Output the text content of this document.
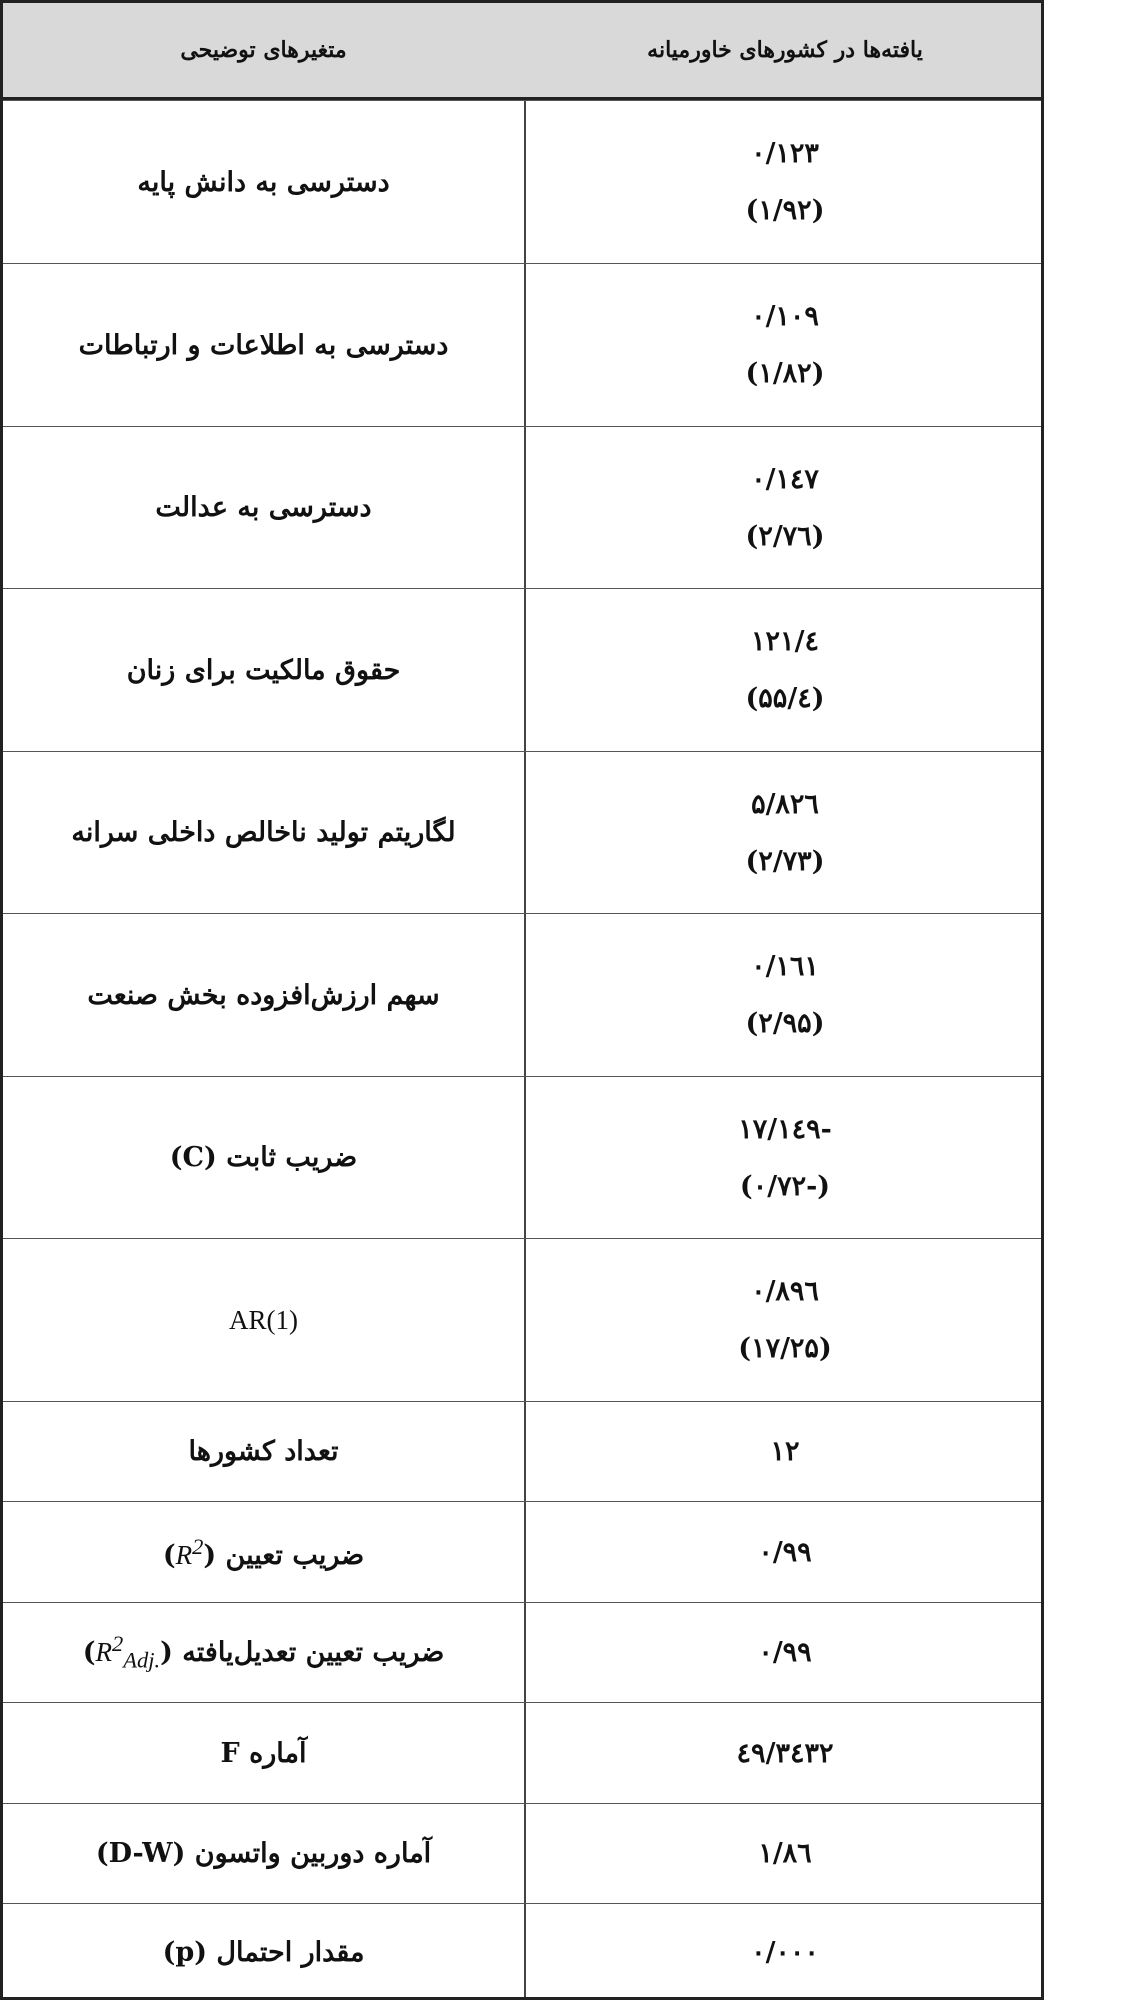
یافته‌ها در کشورهای خاورمیانه
متغیرهای توضیحی
۰/۱۲۳
(۱/۹۲)
دسترسی به دانش پایه
۰/۱۰۹
(۱/۸۲)
دسترسی به اطلاعات و ارتباطات
۰/۱٤۷
(۲/۷٦)
دسترسی به عدالت
٤/۱۲۱
(٤/۵۵)
حقوق مالکیت برای زنان
۵/۸۲٦
(۲/۷۳)
لگاریتم تولید ناخالص داخلی سرانه
۰/۱٦۱
(۲/۹۵)
سهم ارزش‌افزوده بخش صنعت
-۱۷/۱٤۹
(-۰/۷۲)
ضریب ثابت (C)
۰/۸۹٦
(۱۷/۲۵)
AR(1)
۱۲
تعداد کشورها
۰/۹۹
ضریب تعیین $(R^2)$
۰/۹۹
ضریب تعیین تعدیل‌یافته $(R^2_{Adj.})$
۳٤۳۲/٤۹
آماره F
۱/۸٦
آماره دوربین واتسون (D-W)
۰/۰۰۰
مقدار احتمال (p)
